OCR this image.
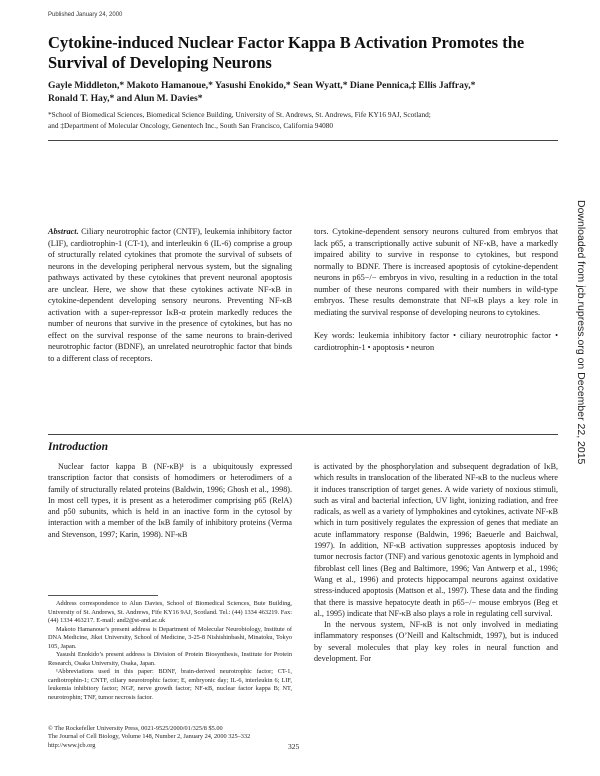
Published January 24, 2000
Cytokine-induced Nuclear Factor Kappa B Activation Promotes the Survival of Developing Neurons
Gayle Middleton,* Makoto Hamanoue,* Yasushi Enokido,* Sean Wyatt,* Diane Pennica,‡ Ellis Jaffray,*
Ronald T. Hay,* and Alun M. Davies*
*School of Biomedical Sciences, Biomedical Science Building, University of St. Andrews, St. Andrews, Fife KY16 9AJ, Scotland;
and ‡Department of Molecular Oncology, Genentech Inc., South San Francisco, California 94080
Abstract. Ciliary neurotrophic factor (CNTF), leukemia inhibitory factor (LIF), cardiotrophin-1 (CT-1), and interleukin 6 (IL-6) comprise a group of structurally related cytokines that promote the survival of subsets of neurons in the developing peripheral nervous system, but the signaling pathways activated by these cytokines that prevent neuronal apoptosis are unclear. Here, we show that these cytokines activate NF-κB in cytokine-dependent developing sensory neurons. Preventing NF-κB activation with a super-repressor IκB-α protein markedly reduces the number of neurons that survive in the presence of cytokines, but has no effect on the survival response of the same neurons to brain-derived neurotrophic factor (BDNF), an unrelated neurotrophic factor that binds to a different class of receptors.

tors. Cytokine-dependent sensory neurons cultured from embryos that lack p65, a transcriptionally active subunit of NF-κB, have a markedly impaired ability to survive in response to cytokines, but respond normally to BDNF. There is increased apoptosis of cytokine-dependent neurons in p65−/− embryos in vivo, resulting in a reduction in the total number of these neurons compared with their numbers in wild-type embryos. These results demonstrate that NF-κB plays a key role in mediating the survival response of developing neurons to cytokines.

Key words: leukemia inhibitory factor • ciliary neurotrophic factor • cardiotrophin-1 • apoptosis • neuron

Introduction

Nuclear factor kappa B (NF-κB)¹ is a ubiquitously expressed transcription factor that consists of homodimers or heterodimers of a family of structurally related proteins (Baldwin, 1996; Ghosh et al., 1998). In most cell types, it is present as a heterodimer comprising p65 (RelA) and p50 subunits, which is held in an inactive form in the cytosol by interaction with a member of the IκB family of inhibitory proteins (Verma and Stevenson, 1997; Karin, 1998). NF-κB

is activated by the phosphorylation and subsequent degradation of IκB, which results in translocation of the liberated NF-κB to the nucleus where it induces transcription of target genes. A wide variety of noxious stimuli, such as viral and bacterial infection, UV light, ionizing radiation, and free radicals, as well as a variety of lymphokines and cytokines, activate NF-κB which in turn positively regulates the expression of genes that mediate an acute inflammatory response (Baldwin, 1996; Baeuerle and Baichwal, 1997). In addition, NF-κB activation suppresses apoptosis induced by tumor necrosis factor (TNF) and various genotoxic agents in lymphoid and fibroblast cell lines (Beg and Baltimore, 1996; Van Antwerp et al., 1996; Wang et al., 1996) and protects hippocampal neurons against oxidative stress-induced apoptosis (Mattson et al., 1997). These data and the finding that there is massive hepatocyte death in p65−/− mouse embryos (Beg et al., 1995) indicate that NF-κB also plays a role in regulating cell survival.

In the nervous system, NF-κB is not only involved in mediating inflammatory responses (O’Neill and Kaltschmidt, 1997), but is induced by several molecules that play key roles in neural function and development. For

Address correspondence to Alun Davies, School of Biomedical Sciences, Bute Building, University of St. Andrews, St. Andrews, Fife KY16 9AJ, Scotland. Tel.: (44) 1334 463219. Fax: (44) 1334 463217. E-mail: and2@st-and.ac.uk

Makoto Hamanoue’s present address is Department of Molecular Neurobiology, Institute of DNA Medicine, Jikei University, School of Medicine, 3-25-8 Nishishinbashi, Minatoku, Tokyo 105, Japan.

Yasushi Enokido’s present address is Division of Protein Biosynthesis, Institute for Protein Research, Osaka University, Osaka, Japan.

¹Abbreviations used in this paper: BDNF, brain-derived neurotrophic factor; CT-1, cardiotrophin-1; CNTF, ciliary neurotrophic factor; E, embryonic day; IL-6, interleukin 6; LIF, leukemia inhibitory factor; NGF, nerve growth factor; NF-κB, nuclear factor kappa B; NT, neurotrophin; TNF, tumor necrosis factor.

© The Rockefeller University Press, 0021-9525/2000/01/325/8 $5.00
The Journal of Cell Biology, Volume 148, Number 2, January 24, 2000 325–332
http://www.jcb.org	325
Downloaded from jcb.rupress.org on December 22, 2015
